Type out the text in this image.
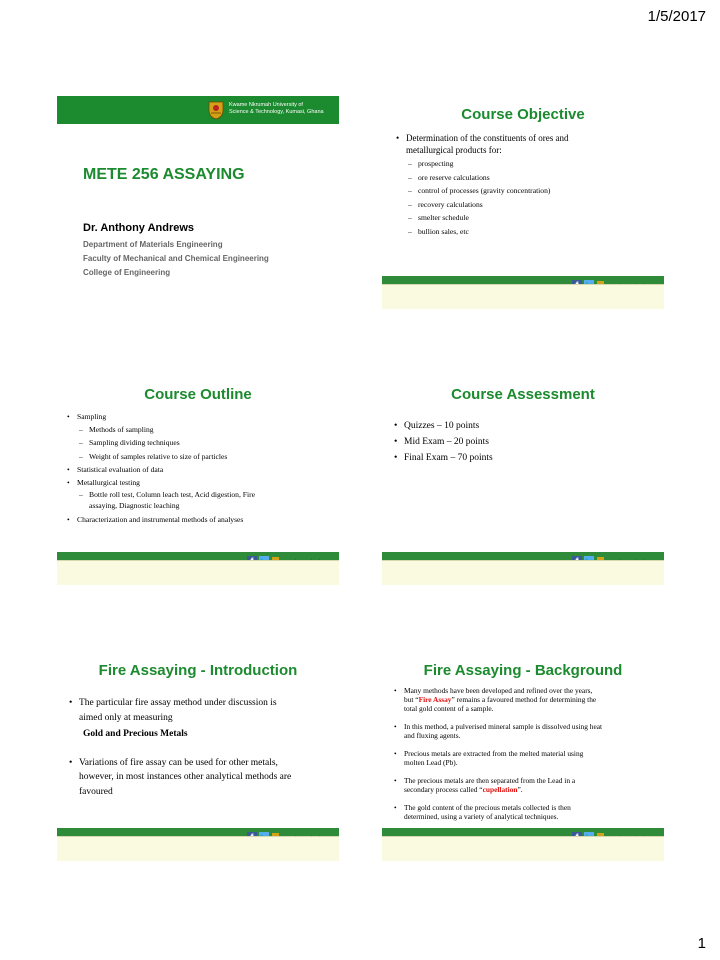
1/5/2017
Kwame Nkrumah University of
Science & Technology, Kumasi, Ghana
METE 256 ASSAYING
Dr. Anthony Andrews
Department of Materials Engineering
Faculty of Mechanical and Chemical Engineering
College of Engineering
Course Objective
• Determination of the constituents of ores and
metallurgical products for:
– prospecting
– ore reserve calculations
– control of processes (gravity concentration)
– recovery calculations
– smelter schedule
– bullion sales, etc
Course Outline
• Sampling
– Methods of sampling
– Sampling dividing techniques
– Weight of samples relative to size of particles
• Statistical evaluation of data
• Metallurgical testing
– Bottle roll test, Column leach test, Acid digestion, Fire
assaying, Diagnostic leaching
• Characterization and instrumental methods of analyses
Course Assessment
• Quizzes – 10 points
• Mid Exam – 20 points
• Final Exam – 70 points
Fire Assaying - Introduction
• The particular fire assay method under discussion is
aimed only at measuring
Gold and Precious Metals
• Variations of fire assay can be used for other metals,
however, in most instances other analytical methods are
favoured
Fire Assaying - Background
• Many methods have been developed and refined over the years,
but “Fire Assay” remains a favoured method for determining the
total gold content of a sample.
• In this method, a pulverised mineral sample is dissolved using heat
and fluxing agents.
• Precious metals are extracted from the melted material using
molten Lead (Pb).
• The precious metals are then separated from the Lead in a
secondary process called “cupellation”.
• The gold content of the precious metals collected is then
determined, using a variety of analytical techniques.
1
